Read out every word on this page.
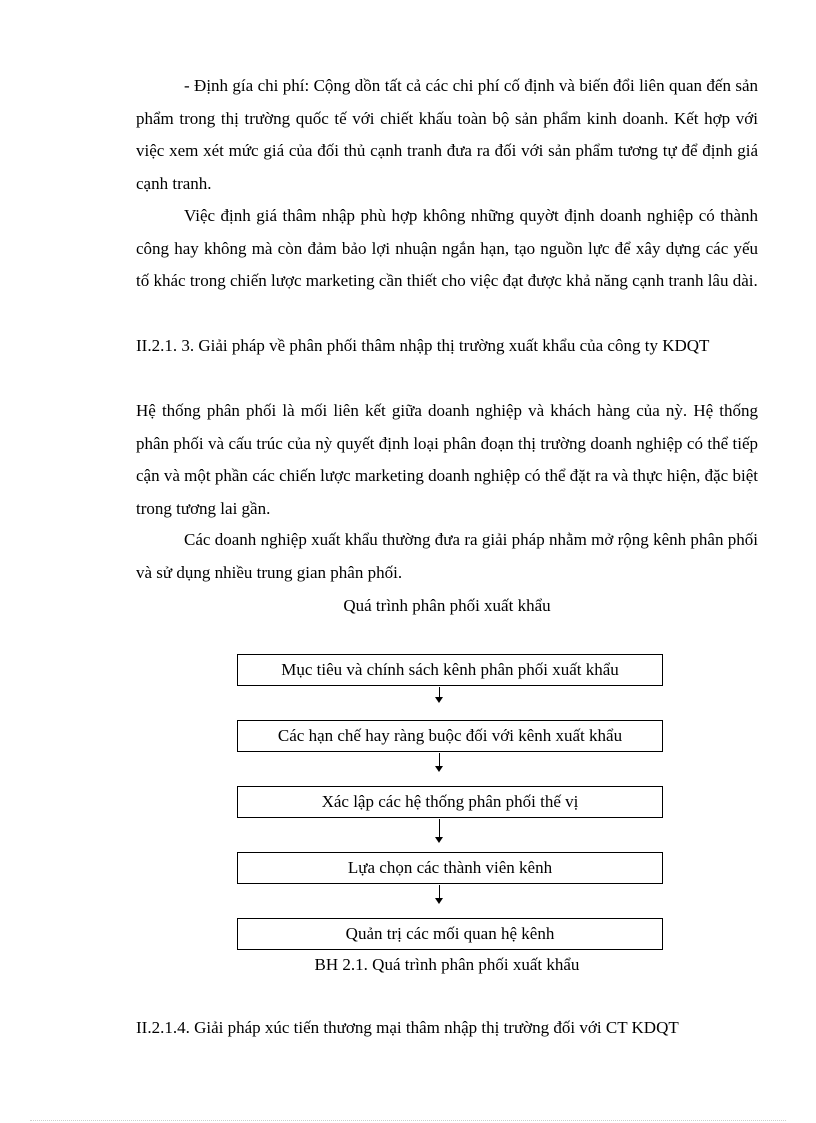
- Định gía chi phí: Cộng dồn tất cả các chi phí cố định và biến đổi liên quan đến sản phẩm trong thị trường quốc tế với chiết khấu toàn bộ sản phẩm kinh doanh. Kết hợp với việc xem xét mức giá của đối thủ cạnh tranh đưa ra đối với sản phẩm tương tự để định giá cạnh tranh.
Việc định giá thâm nhập phù hợp không những quyờt định doanh nghiệp có thành công hay không mà còn đảm bảo lợi nhuận ngắn hạn, tạo nguồn lực để xây dựng các yếu tố khác trong chiến lược marketing cần thiết cho việc đạt được khả năng cạnh tranh lâu dài.
II.2.1. 3. Giải pháp về phân phối thâm nhập thị trường xuất khẩu của công ty KDQT
Hệ thống phân phối là mối liên kết giữa doanh nghiệp và khách hàng của nỳ. Hệ thống phân phối và cấu trúc của nỳ quyết định loại phân đoạn thị trường doanh nghiệp có thể tiếp cận và một phần các chiến lược marketing doanh nghiệp có thể đặt ra và thực hiện, đặc biệt trong tương lai gần.
Các doanh nghiệp xuất khẩu thường đưa ra giải pháp nhằm mở rộng kênh phân phối và sử dụng nhiều trung gian phân phối.
Quá trình phân phối xuất khẩu
Mục tiêu và chính sách kênh phân phối xuất khẩu
Các hạn chế hay ràng buộc đối với kênh xuất khẩu
Xác lập các hệ thống phân phối thế vị
Lựa chọn các thành viên kênh
Quản trị các mối quan hệ kênh
BH 2.1. Quá trình phân phối xuất khẩu
II.2.1.4. Giải pháp xúc tiến thương mại thâm nhập thị trường đối với CT KDQT
